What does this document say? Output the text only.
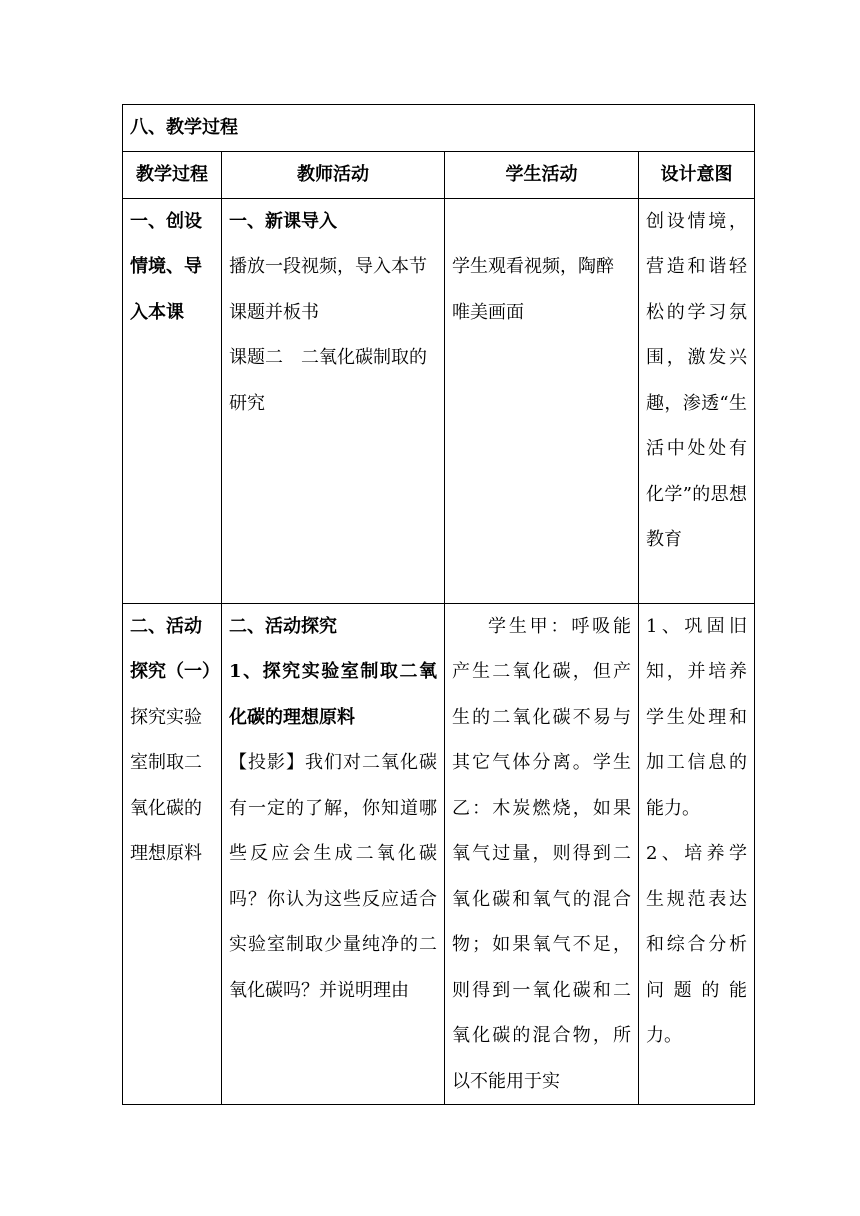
八、教学过程			
教学过程	教师活动	学生活动	设计意图
一、创设情境、导入本课	一、新课导入
播放一段视频，导入本节课题并板书
课题二　二氧化碳制取的研究	学生观看视频，陶醉唯美画面	创设情境，营造和谐轻松的学习氛围，激发兴趣，渗透“生活中处处有化学”的思想教育
二、活动探究（一）探究实验室制取二氧化碳的理想原料	二、活动探究
1、探究实验室制取二氧化碳的理想原料
【投影】我们对二氧化碳有一定的了解，你知道哪些反应会生成二氧化碳吗？你认为这些反应适合实验室制取少量纯净的二氧化碳吗？并说明理由	学生甲：呼吸能产生二氧化碳，但产生的二氧化碳不易与其它气体分离。学生乙：木炭燃烧，如果氧气过量，则得到二氧化碳和氧气的混合物；如果氧气不足，则得到一氧化碳和二氧化碳的混合物，所以不能用于实	1、巩固旧知，并培养学生处理和加工信息的能力。
2、培养学生规范表达和综合分析问题的能力。
